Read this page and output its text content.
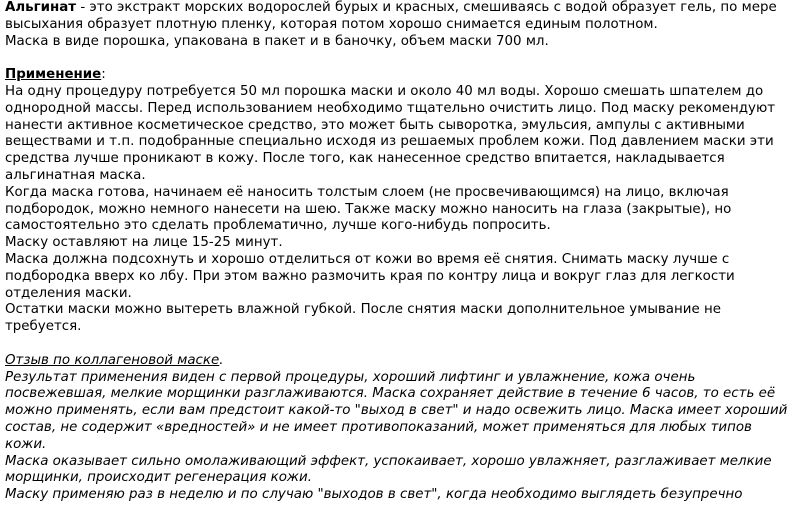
Альгинат - это экстракт морских водорослей бурых и красных, смешиваясь с водой образует гель, по мере
высыхания образует плотную пленку, которая потом хорошо снимается единым полотном.
Маска в виде порошка, упакована в пакет и в баночку, объем маски 700 мл.
Применение:
На одну процедуру потребуется 50 мл порошка маски и около 40 мл воды. Хорошо смешать шпателем до
однородной массы. Перед использованием необходимо тщательно очистить лицо. Под маску рекомендуют
нанести активное косметическое средство, это может быть сыворотка, эмульсия, ампулы с активными
веществами и т.п. подобранные специально исходя из решаемых проблем кожи. Под давлением маски эти
средства лучше проникают в кожу. После того, как нанесенное средство впитается, накладывается
альгинатная маска.
Когда маска готова, начинаем её наносить толстым слоем (не просвечивающимся) на лицо, включая
подбородок, можно немного нанесети на шею. Также маску можно наносить на глаза (закрытые), но
самостоятельно это сделать проблематично, лучше кого-нибудь попросить.
Маску оставляют на лице 15-25 минут.
Маска должна подсохнуть и хорошо отделиться от кожи во время её снятия. Снимать маску лучше с
подбородка вверх ко лбу. При этом важно размочить края по контру лица и вокруг глаз для легкости
отделения маски.
Остатки маски можно вытереть влажной губкой. После снятия маски дополнительное умывание не
требуется.
Отзыв по коллагеновой маске.
Результат применения виден с первой процедуры, хороший лифтинг и увлажнение, кожа очень
посвежевшая, мелкие морщинки разглаживаются. Маска сохраняет действие в течение 6 часов, то есть её
можно применять, если вам предстоит какой-то "выход в свет" и надо освежить лицо. Маска имеет хороший
состав, не содержит «вредностей» и не имеет противопоказаний, может применяться для любых типов
кожи.
Маска оказывает сильно омолаживающий эффект, успокаивает, хорошо увлажняет, разглаживает мелкие
морщинки, происходит регенерация кожи.
Маску применяю раз в неделю и по случаю "выходов в свет", когда необходимо выглядеть безупречно
